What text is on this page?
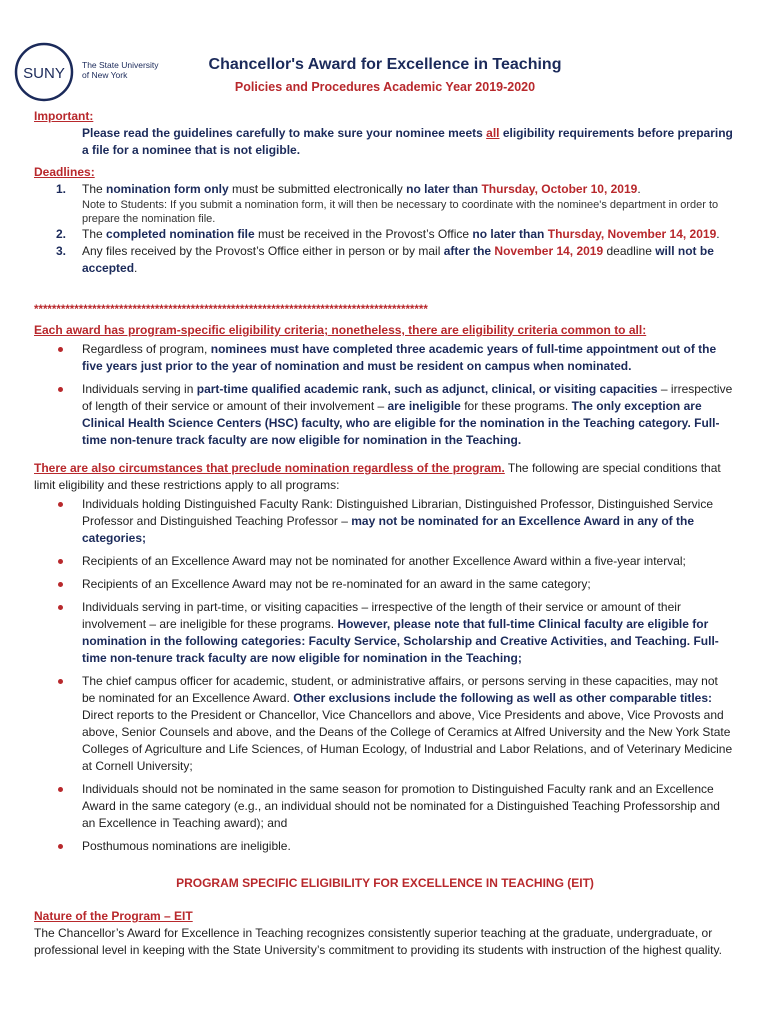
SUNY The State University
of New York
Chancellor's Award for Excellence in Teaching
Policies and Procedures Academic Year 2019-2020
Important:
Please read the guidelines carefully to make sure your nominee meets all eligibility requirements before preparing a file for a nominee that is not eligible.
Deadlines:
1. The nomination form only must be submitted electronically no later than Thursday, October 10, 2019.
Note to Students: If you submit a nomination form, it will then be necessary to coordinate with the nominee's department in order to prepare the nomination file.
2. The completed nomination file must be received in the Provost’s Office no later than Thursday, November 14, 2019.
3. Any files received by the Provost’s Office either in person or by mail after the November 14, 2019 deadline will not be accepted.
****************************************************************************************
Each award has program-specific eligibility criteria; nonetheless, there are eligibility criteria common to all:
Regardless of program, nominees must have completed three academic years of full-time appointment out of the five years just prior to the year of nomination and must be resident on campus when nominated.
Individuals serving in part-time qualified academic rank, such as adjunct, clinical, or visiting capacities – irrespective of length of their service or amount of their involvement – are ineligible for these programs. The only exception are Clinical Health Science Centers (HSC) faculty, who are eligible for the nomination in the Teaching category. Full-time non-tenure track faculty are now eligible for nomination in the Teaching.
There are also circumstances that preclude nomination regardless of the program. The following are special conditions that limit eligibility and these restrictions apply to all programs:
Individuals holding Distinguished Faculty Rank: Distinguished Librarian, Distinguished Professor, Distinguished Service Professor and Distinguished Teaching Professor – may not be nominated for an Excellence Award in any of the categories;
Recipients of an Excellence Award may not be nominated for another Excellence Award within a five-year interval;
Recipients of an Excellence Award may not be re-nominated for an award in the same category;
Individuals serving in part-time, or visiting capacities – irrespective of the length of their service or amount of their involvement – are ineligible for these programs. However, please note that full-time Clinical faculty are eligible for nomination in the following categories: Faculty Service, Scholarship and Creative Activities, and Teaching. Full-time non-tenure track faculty are now eligible for nomination in the Teaching;
The chief campus officer for academic, student, or administrative affairs, or persons serving in these capacities, may not be nominated for an Excellence Award. Other exclusions include the following as well as other comparable titles: Direct reports to the President or Chancellor, Vice Chancellors and above, Vice Presidents and above, Vice Provosts and above, Senior Counsels and above, and the Deans of the College of Ceramics at Alfred University and the New York State Colleges of Agriculture and Life Sciences, of Human Ecology, of Industrial and Labor Relations, and of Veterinary Medicine at Cornell University;
Individuals should not be nominated in the same season for promotion to Distinguished Faculty rank and an Excellence Award in the same category (e.g., an individual should not be nominated for a Distinguished Teaching Professorship and an Excellence in Teaching award); and
Posthumous nominations are ineligible.
PROGRAM SPECIFIC ELIGIBILITY FOR EXCELLENCE IN TEACHING (EIT)
Nature of the Program – EIT
The Chancellor’s Award for Excellence in Teaching recognizes consistently superior teaching at the graduate, undergraduate, or professional level in keeping with the State University’s commitment to providing its students with instruction of the highest quality.
